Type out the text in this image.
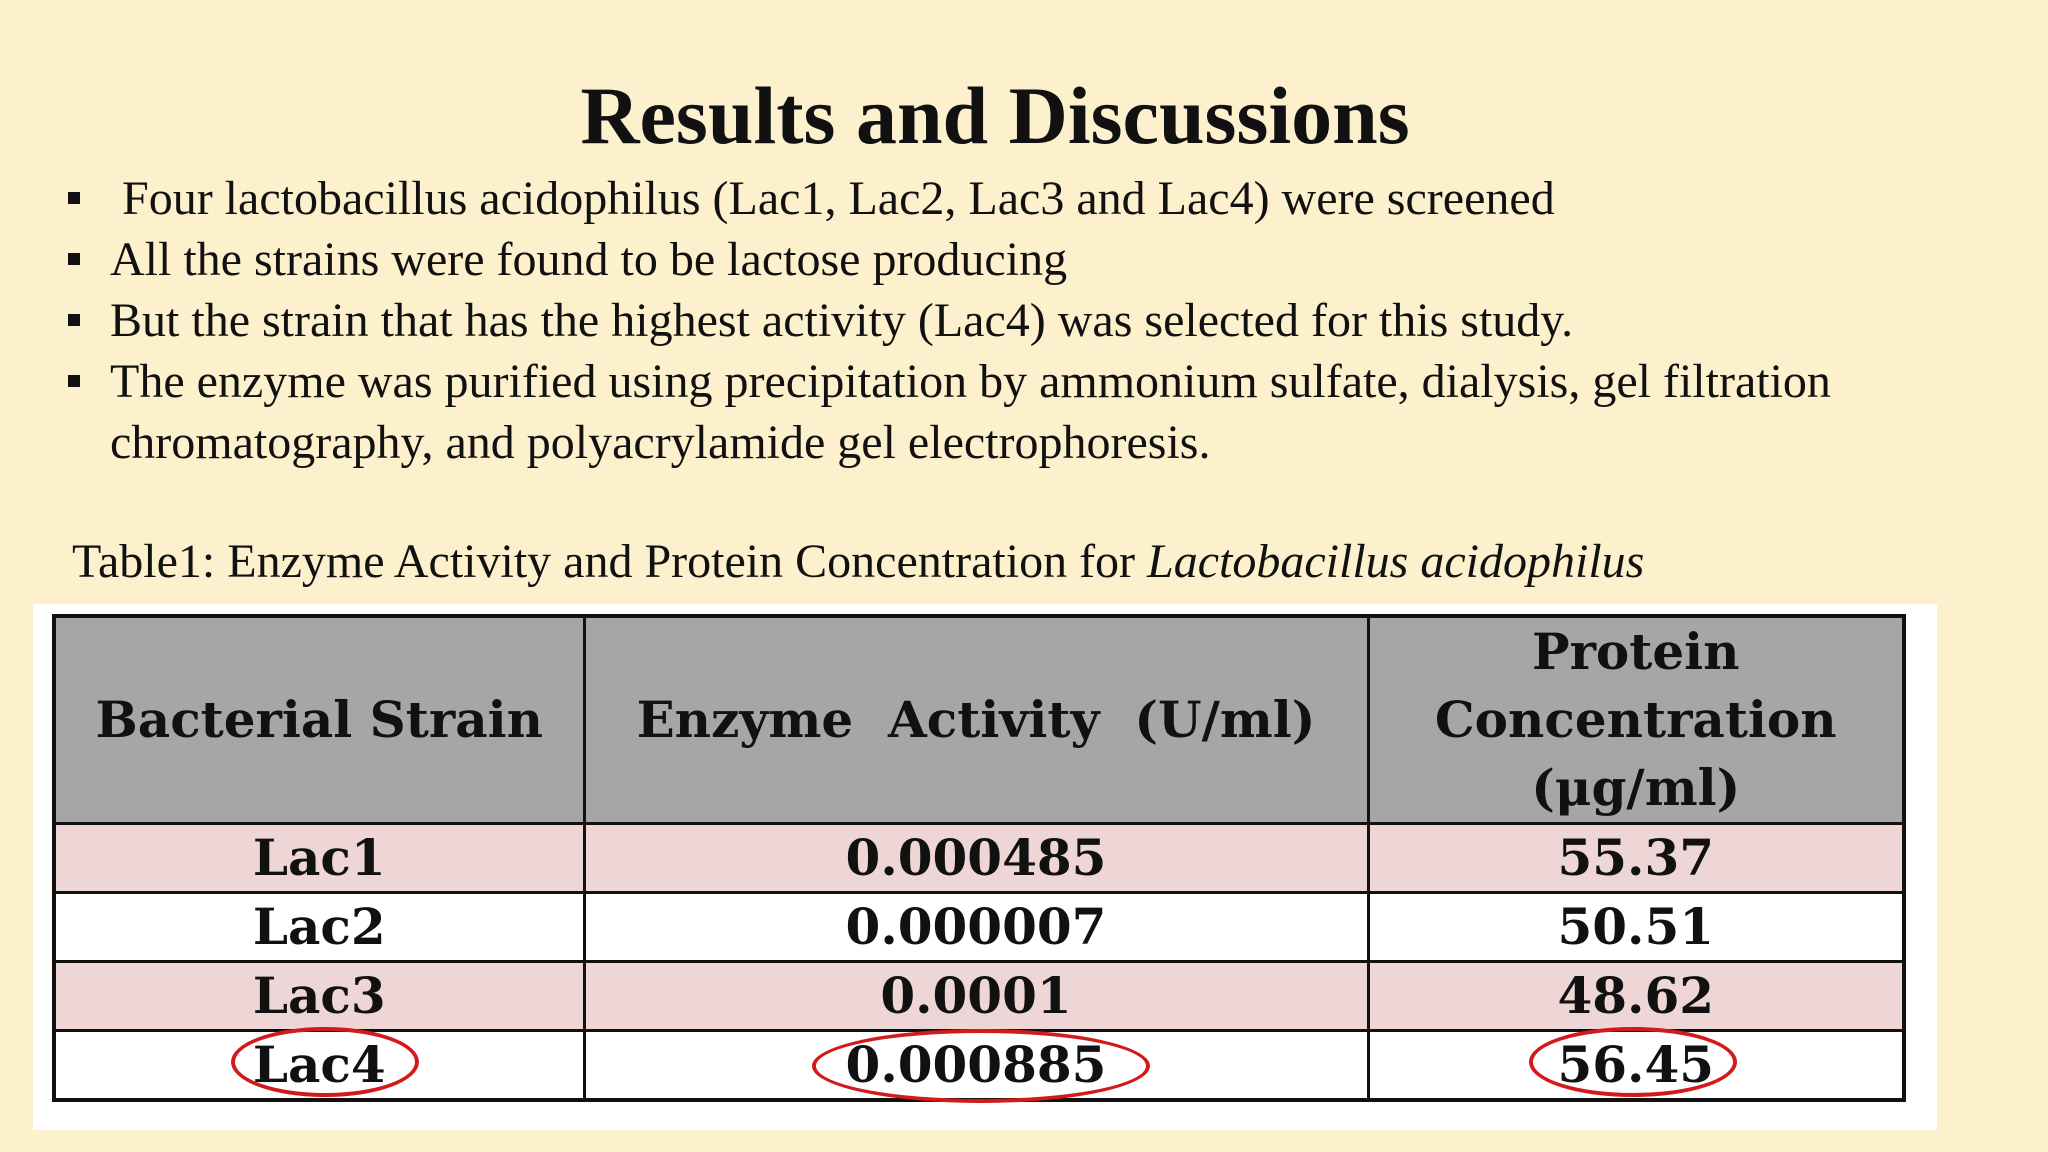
Results and Discussions
Four lactobacillus acidophilus (Lac1, Lac2, Lac3 and Lac4) were screened
All the strains were found to be lactose producing
But the strain that has the highest activity (Lac4) was selected for this study.
The enzyme was purified using precipitation by ammonium sulfate, dialysis, gel filtration chromatography, and polyacrylamide gel electrophoresis.
Table1: Enzyme Activity and Protein Concentration for Lactobacillus acidophilus
Bacterial Strain	Enzyme  Activity  (U/ml)	Protein
Concentration
(μg/ml)

Lac1	0.000485	55.37
Lac2	0.000007	50.51
Lac3	0.0001	48.62
Lac4	0.000885	56.45
